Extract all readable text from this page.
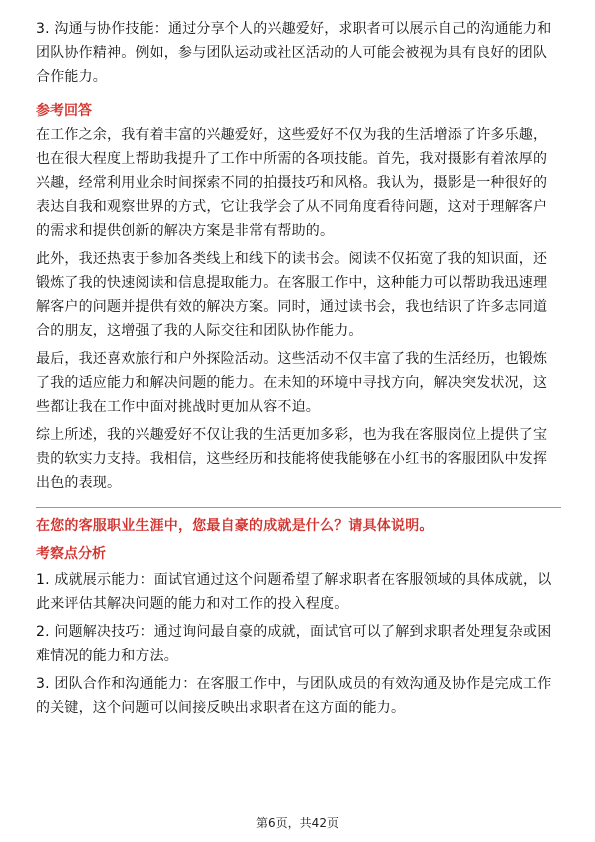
3. 沟通与协作技能：通过分享个人的兴趣爱好，求职者可以展示自己的沟通能力和团队协作精神。例如，参与团队运动或社区活动的人可能会被视为具有良好的团队合作能力。

参考回答

在工作之余，我有着丰富的兴趣爱好，这些爱好不仅为我的生活增添了许多乐趣，也在很大程度上帮助我提升了工作中所需的各项技能。首先，我对摄影有着浓厚的兴趣，经常利用业余时间探索不同的拍摄技巧和风格。我认为，摄影是一种很好的表达自我和观察世界的方式，它让我学会了从不同角度看待问题，这对于理解客户的需求和提供创新的解决方案是非常有帮助的。

此外，我还热衷于参加各类线上和线下的读书会。阅读不仅拓宽了我的知识面，还锻炼了我的快速阅读和信息提取能力。在客服工作中，这种能力可以帮助我迅速理解客户的问题并提供有效的解决方案。同时，通过读书会，我也结识了许多志同道合的朋友，这增强了我的人际交往和团队协作能力。

最后，我还喜欢旅行和户外探险活动。这些活动不仅丰富了我的生活经历，也锻炼了我的适应能力和解决问题的能力。在未知的环境中寻找方向，解决突发状况，这些都让我在工作中面对挑战时更加从容不迫。

综上所述，我的兴趣爱好不仅让我的生活更加多彩，也为我在客服岗位上提供了宝贵的软实力支持。我相信，这些经历和技能将使我能够在小红书的客服团队中发挥出色的表现。

在您的客服职业生涯中，您最自豪的成就是什么？请具体说明。

考察点分析

1. 成就展示能力：面试官通过这个问题希望了解求职者在客服领域的具体成就，以此来评估其解决问题的能力和对工作的投入程度。

2. 问题解决技巧：通过询问最自豪的成就，面试官可以了解到求职者处理复杂或困难情况的能力和方法。

3. 团队合作和沟通能力：在客服工作中，与团队成员的有效沟通及协作是完成工作的关键，这个问题可以间接反映出求职者在这方面的能力。

第6页，共42页
